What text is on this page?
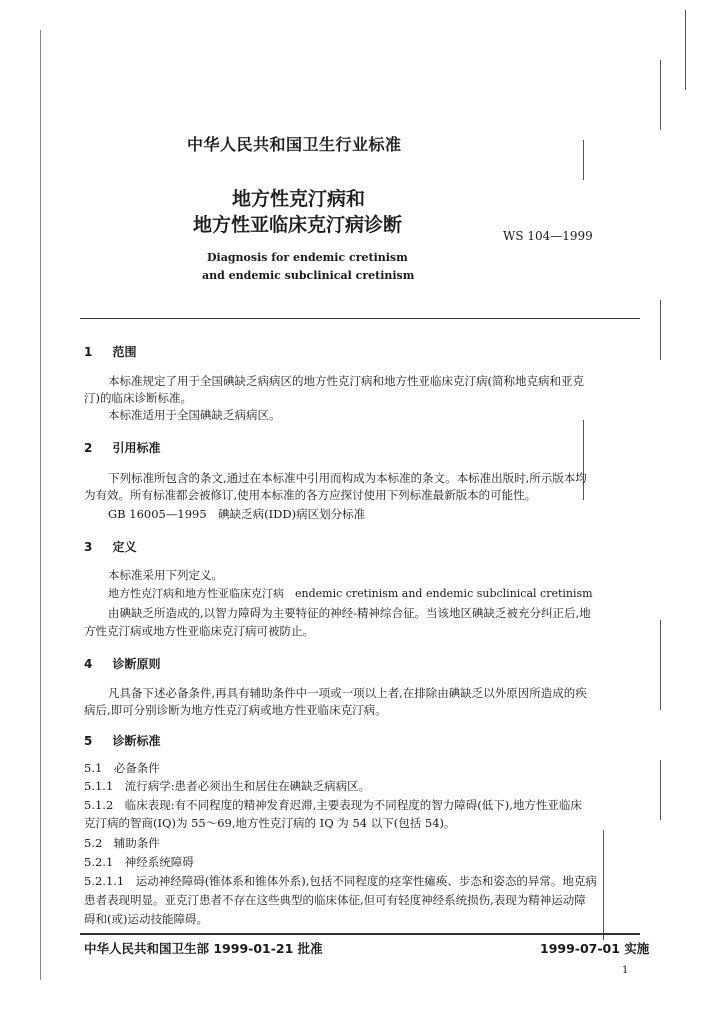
中华人民共和国卫生行业标准
地方性克汀病和
地方性亚临床克汀病诊断	WS 104—1999
Diagnosis for endemic cretinism
and endemic subclinical cretinism
1 范围
本标准规定了用于全国碘缺乏病病区的地方性克汀病和地方性亚临床克汀病(简称地克病和亚克
汀)的临床诊断标准。
本标准适用于全国碘缺乏病病区。
2 引用标准
下列标准所包含的条文,通过在本标准中引用而构成为本标准的条文。本标准出版时,所示版本均
为有效。所有标准都会被修订,使用本标准的各方应探讨使用下列标准最新版本的可能性。
GB 16005—1995　碘缺乏病(IDD)病区划分标准
3 定义
本标准采用下列定义。
地方性克汀病和地方性亚临床克汀病　endemic cretinism and endemic subclinical cretinism
由碘缺乏所造成的,以智力障碍为主要特征的神经-精神综合征。当该地区碘缺乏被充分纠正后,地
方性克汀病或地方性亚临床克汀病可被防止。
4 诊断原则
凡具备下述必备条件,再具有辅助条件中一项或一项以上者,在排除由碘缺乏以外原因所造成的疾
病后,即可分别诊断为地方性克汀病或地方性亚临床克汀病。
5 诊断标准
5.1　必备条件
5.1.1　流行病学:患者必须出生和居住在碘缺乏病病区。
5.1.2　临床表现:有不同程度的精神发育迟滞,主要表现为不同程度的智力障碍(低下),地方性亚临床
克汀病的智商(IQ)为 55～69,地方性克汀病的 IQ 为 54 以下(包括 54)。
5.2　辅助条件
5.2.1　神经系统障碍
5.2.1.1　运动神经障碍(锥体系和锥体外系),包括不同程度的痉挛性瘫痪、步态和姿态的异常。地克病
患者表现明显。亚克汀患者不存在这些典型的临床体征,但可有轻度神经系统损伤,表现为精神运动障
碍和(或)运动技能障碍。
中华人民共和国卫生部 1999-01-21 批准	1999-07-01 实施
1
